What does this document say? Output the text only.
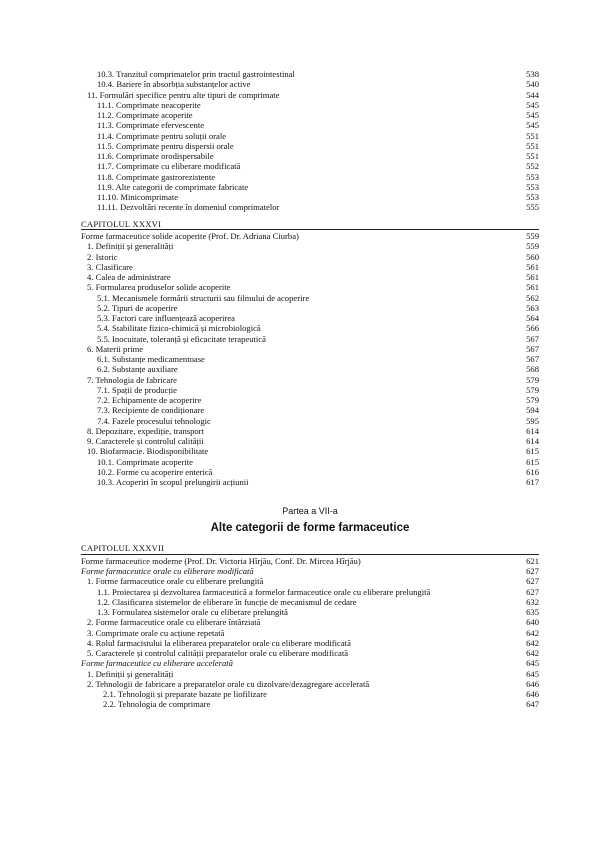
10.3. Tranzitul comprimatelor prin tractul gastrointestinal	538
10.4. Bariere în absorbția substanțelor active	540
11. Formulări specifice pentru alte tipuri de comprimate	544
11.1. Comprimate neacoperite	545
11.2. Comprimate acoperite	545
11.3. Comprimate efervescente	545
11.4. Comprimate pentru soluții orale	551
11.5. Comprimate pentru dispersii orale	551
11.6. Comprimate orodispersabile	551
11.7. Comprimate cu eliberare modificată	552
11.8. Comprimate gastrorezistente	553
11.9. Alte categorii de comprimate fabricate	553
11.10. Minicomprimate	553
11.11. Dezvoltări recente în domeniul comprimatelor	555
CAPITOLUL XXXVI
Forme farmaceutice solide acoperite (Prof. Dr. Adriana Ciurba)	559
1. Definiții și generalități	559
2. Istoric	560
3. Clasificare	561
4. Calea de administrare	561
5. Formularea produselor solide acoperite	561
5.1. Mecanismele formării structurii sau filmului de acoperire	562
5.2. Tipuri de acoperire	563
5.3. Factori care influențează acoperirea	564
5.4. Stabilitate fizico-chimică și microbiologică	566
5.5. Inocuitate, toleranță și eficacitate terapeutică	567
6. Materii prime	567
6.1. Substanțe medicamentoase	567
6.2. Substanțe auxiliare	568
7. Tehnologia de fabricare	579
7.1. Spații de producție	579
7.2. Echipamente de acoperire	579
7.3. Recipiente de condiționare	594
7.4. Fazele procesului tehnologic	595
8. Depozitare, expediție, transport	614
9. Caracterele și controlul calității	614
10. Biofarmacie. Biodisponibilitate	615
10.1. Comprimate acoperite	615
10.2. Forme cu acoperire enterică	616
10.3. Acoperiri în scopul prelungirii acțiunii	617
Partea a VII-a
Alte categorii de forme farmaceutice
CAPITOLUL XXXVII
Forme farmaceutice moderne (Prof. Dr. Victoria Hîrjău, Conf. Dr. Mircea Hîrjău)	621
Forme farmaceutice orale cu eliberare modificată	627
1. Forme farmaceutice orale cu eliberare prelungită	627
1.1. Proiectarea și dezvoltarea farmaceutică a formelor farmaceutice orale cu eliberare prelungită	627
1.2. Clasificarea sistemelor de eliberare în funcție de mecanismul de cedare	632
1.3. Formularea sistemelor orale cu eliberare prelungită	635
2. Forme farmaceutice orale cu eliberare întârziată	640
3. Comprimate orale cu acțiune repetată	642
4. Rolul farmacistului la eliberarea preparatelor orale cu eliberare modificată	642
5. Caracterele și controlul calității preparatelor orale cu eliberare modificată	642
Forme farmaceutice cu eliberare accelerată	645
1. Definiții și generalități	645
2. Tehnologii de fabricare a preparatelor orale cu dizolvare/dezagregare accelerată	646
2.1. Tehnologii și preparate bazate pe liofilizare	646
2.2. Tehnologia de comprimare	647
